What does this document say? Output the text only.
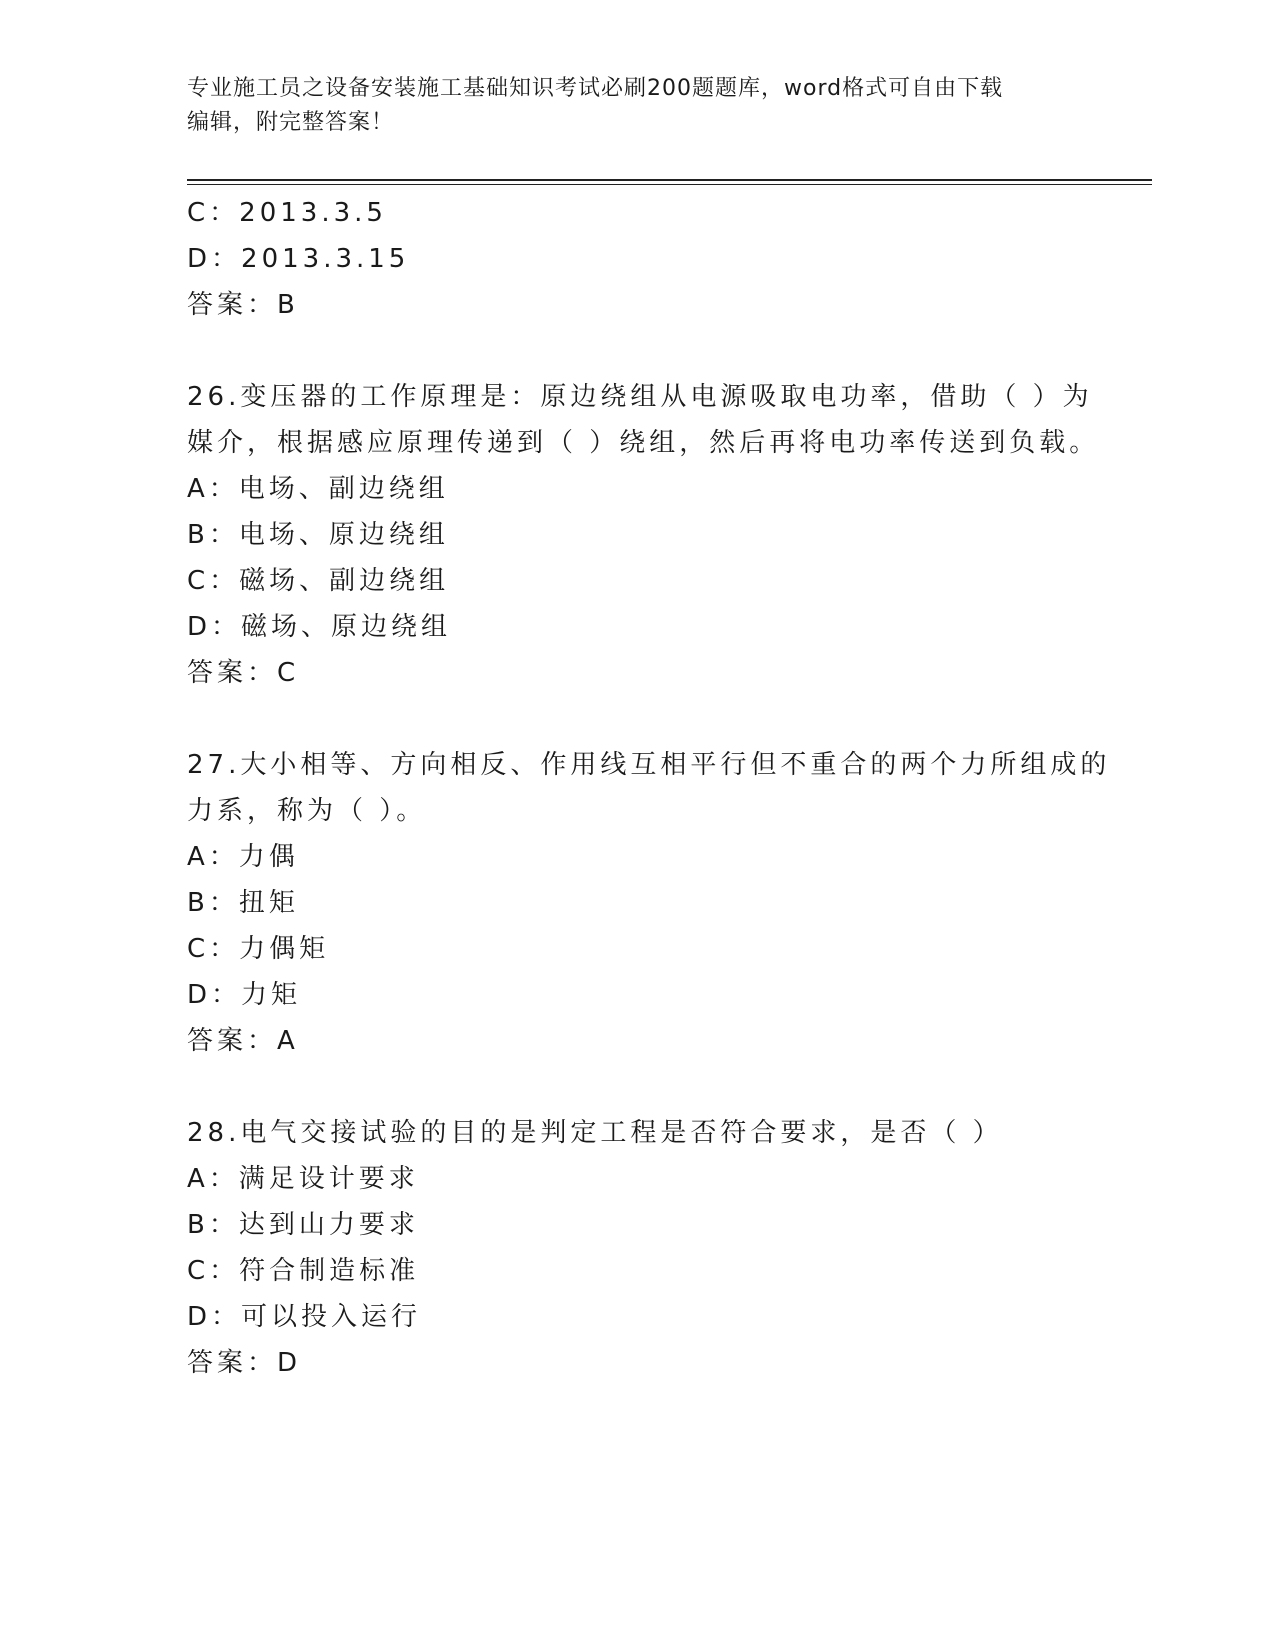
专业施工员之设备安装施工基础知识考试必刷200题题库，word格式可自由下载
编辑，附完整答案！
C：2013.3.5
D：2013.3.15
答案：B
26.变压器的工作原理是：原边绕组从电源吸取电功率，借助（ ）为
媒介，根据感应原理传递到（ ）绕组，然后再将电功率传送到负载。
A：电场、副边绕组
B：电场、原边绕组
C：磁场、副边绕组
D：磁场、原边绕组
答案：C
27.大小相等、方向相反、作用线互相平行但不重合的两个力所组成的
力系，称为（ ）。
A：力偶
B：扭矩
C：力偶矩
D：力矩
答案：A
28.电气交接试验的目的是判定工程是否符合要求，是否（ ）
A：满足设计要求
B：达到山力要求
C：符合制造标准
D：可以投入运行
答案：D
